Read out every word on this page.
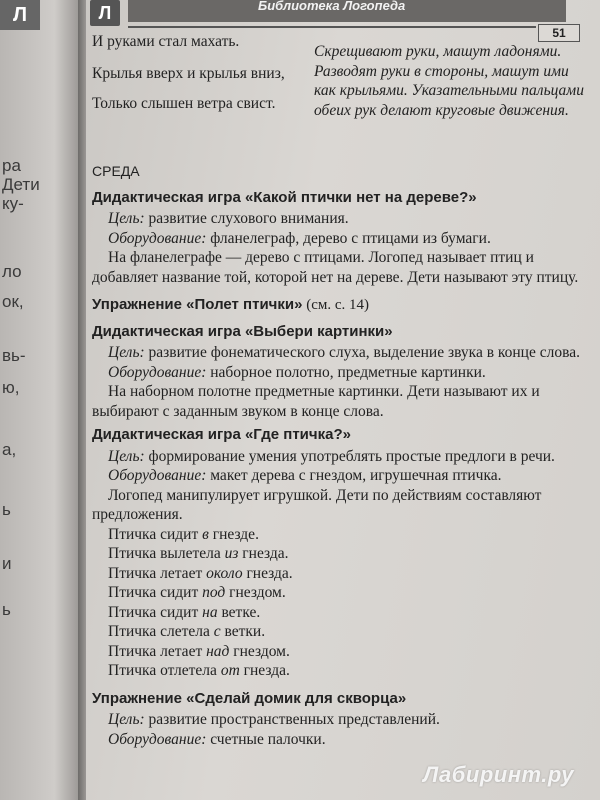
Л
ра
Дети
ку-
ло
ок,
вь-
ю,
а,
ь
и
ь
Л	Библиотека Логопеда
51
И руками стал махать.
Крылья вверх и крылья вниз,
Только слышен ветра свист.
Скрещивают руки, машут ладонями. Разводят руки в стороны, машут ими как крыльями. Указательными пальцами обеих рук делают круговые движения.
СРЕДА
Дидактическая игра «Какой птички нет на дереве?»
Цель: развитие слухового внимания.
Оборудование: фланелеграф, дерево с птицами из бумаги.
На фланелеграфе — дерево с птицами. Логопед называет птиц и добавляет название той, которой нет на дереве. Дети называют эту птицу.
Упражнение «Полет птички» (см. с. 14)
Дидактическая игра «Выбери картинки»
Цель: развитие фонематического слуха, выделение звука в конце слова.
Оборудование: наборное полотно, предметные картинки.
На наборном полотне предметные картинки. Дети называют их и выбирают с заданным звуком в конце слова.
Дидактическая игра «Где птичка?»
Цель: формирование умения употреблять простые предлоги в речи.
Оборудование: макет дерева с гнездом, игрушечная птичка.
Логопед манипулирует игрушкой. Дети по действиям составляют предложения.
Птичка сидит в гнезде.
Птичка вылетела из гнезда.
Птичка летает около гнезда.
Птичка сидит под гнездом.
Птичка сидит на ветке.
Птичка слетела с ветки.
Птичка летает над гнездом.
Птичка отлетела от гнезда.
Упражнение «Сделай домик для скворца»
Цель: развитие пространственных представлений.
Оборудование: счетные палочки.
Лабиринт.ру
